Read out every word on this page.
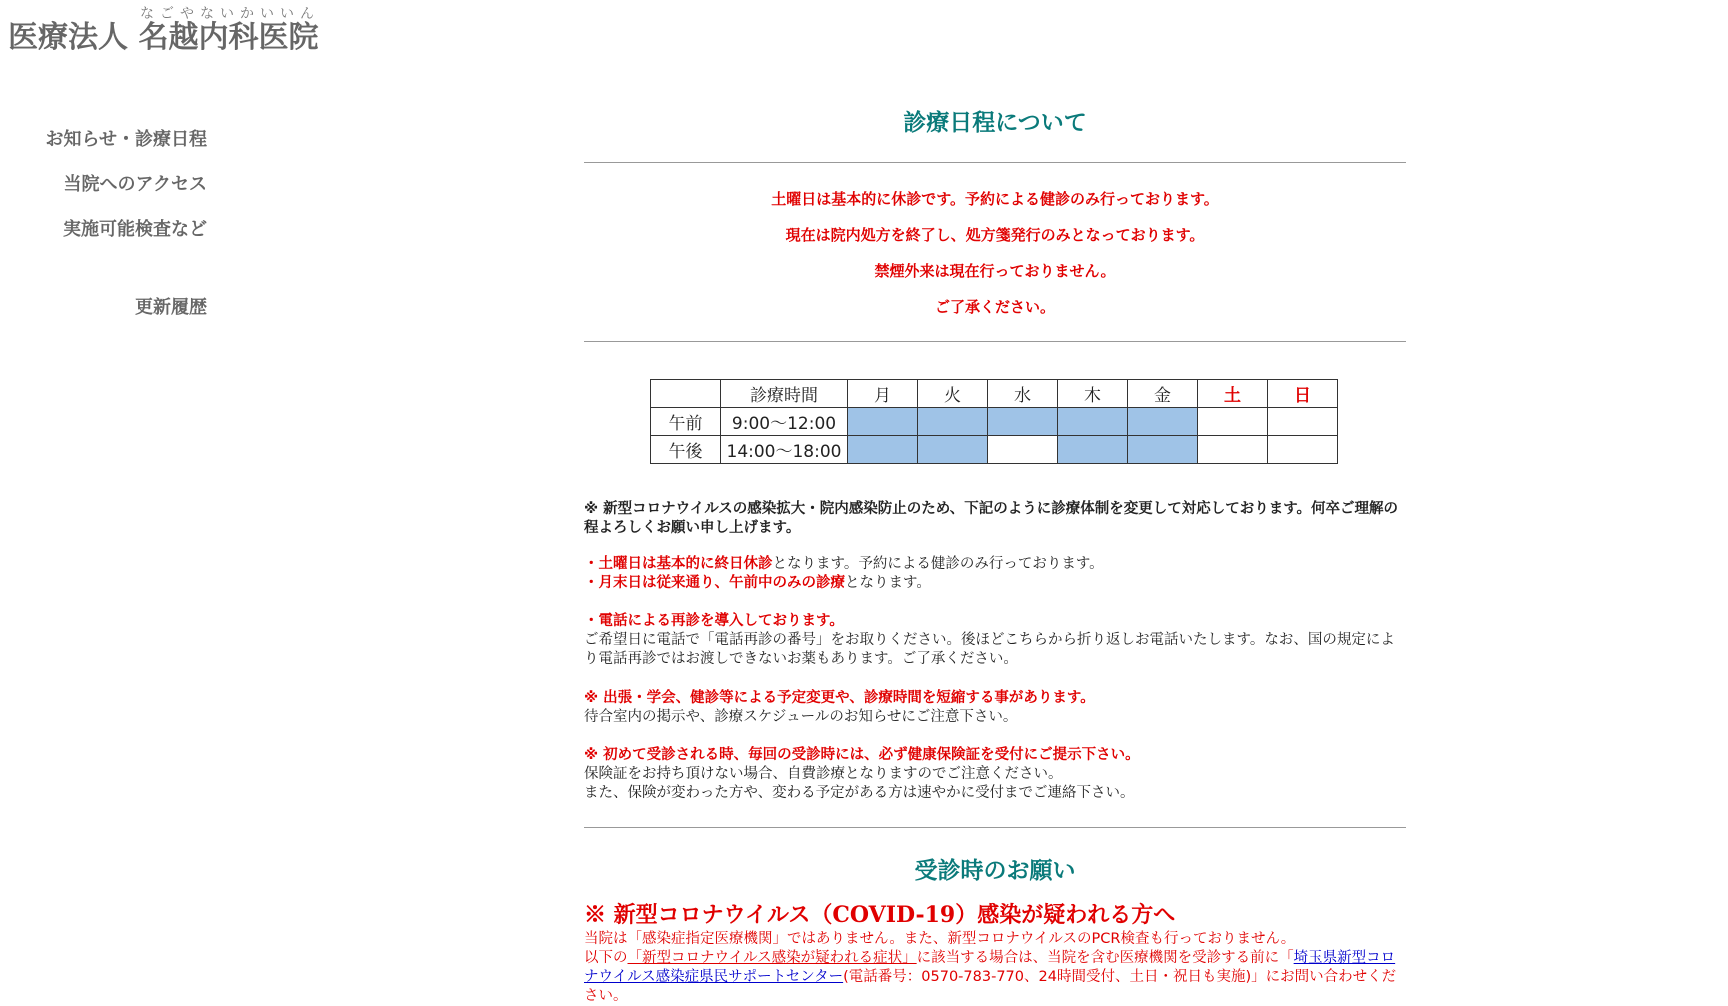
医療法人 名越内科医院なごやないかいいん
お知らせ・診療日程
当院へのアクセス
実施可能検査など
更新履歴
診療日程について
土曜日は基本的に休診です。予約による健診のみ行っております。
現在は院内処方を終了し、処方箋発行のみとなっております。
禁煙外来は現在行っておりません。
ご了承ください。
	診療時間	月	火	水	木	金	土	日
午前	9:00〜12:00							
午後	14:00〜18:00							
※ 新型コロナウイルスの感染拡大・院内感染防止のため、下記のように診療体制を変更して対応しております。何卒ご理解の程よろしくお願い申し上げます。
・土曜日は基本的に終日休診となります。予約による健診のみ行っております。
・月末日は従来通り、午前中のみの診療となります。
・電話による再診を導入しております。
ご希望日に電話で「電話再診の番号」をお取りください。後ほどこちらから折り返しお電話いたします。なお、国の規定により電話再診ではお渡しできないお薬もあります。ご了承ください。
※ 出張・学会、健診等による予定変更や、診療時間を短縮する事があります。
待合室内の掲示や、診療スケジュールのお知らせにご注意下さい。
※ 初めて受診される時、毎回の受診時には、必ず健康保険証を受付にご提示下さい。
保険証をお持ち頂けない場合、自費診療となりますのでご注意ください。
また、保険が変わった方や、変わる予定がある方は速やかに受付までご連絡下さい。
受診時のお願い
※ 新型コロナウイルス（COVID-19）感染が疑われる方へ
当院は「感染症指定医療機関」ではありません。また、新型コロナウイルスのPCR検査も行っておりません。
以下の「新型コロナウイルス感染が疑われる症状」に該当する場合は、当院を含む医療機関を受診する前に「埼玉県新型コロナウイルス感染症県民サポートセンター(電話番号：0570-783-770、24時間受付、土日・祝日も実施)」にお問い合わせください。
